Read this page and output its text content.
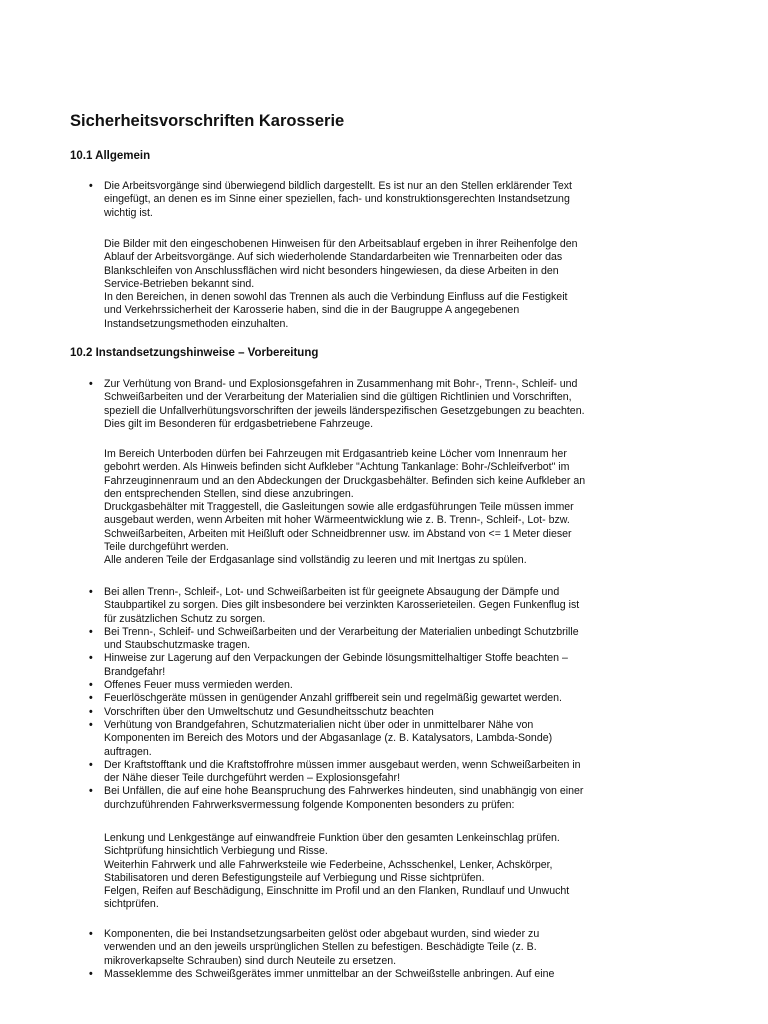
Sicherheitsvorschriften Karosserie
10.1 Allgemein
• Die Arbeitsvorgänge sind überwiegend bildlich dargestellt. Es ist nur an den Stellen erklärender Text
eingefügt, an denen es im Sinne einer speziellen, fach- und konstruktionsgerechten Instandsetzung
wichtig ist.
Die Bilder mit den eingeschobenen Hinweisen für den Arbeitsablauf ergeben in ihrer Reihenfolge den
Ablauf der Arbeitsvorgänge. Auf sich wiederholende Standardarbeiten wie Trennarbeiten oder das
Blankschleifen von Anschlussflächen wird nicht besonders hingewiesen, da diese Arbeiten in den
Service-Betrieben bekannt sind.
In den Bereichen, in denen sowohl das Trennen als auch die Verbindung Einfluss auf die Festigkeit
und Verkehrssicherheit der Karosserie haben, sind die in der Baugruppe A angegebenen
Instandsetzungsmethoden einzuhalten.
10.2 Instandsetzungshinweise – Vorbereitung
• Zur Verhütung von Brand- und Explosionsgefahren in Zusammenhang mit Bohr-, Trenn-, Schleif- und
Schweißarbeiten und der Verarbeitung der Materialien sind die gültigen Richtlinien und Vorschriften,
speziell die Unfallverhütungsvorschriften der jeweils länderspezifischen Gesetzgebungen zu beachten.
Dies gilt im Besonderen für erdgasbetriebene Fahrzeuge.
Im Bereich Unterboden dürfen bei Fahrzeugen mit Erdgasantrieb keine Löcher vom Innenraum her
gebohrt werden. Als Hinweis befinden sicht Aufkleber "Achtung Tankanlage: Bohr-/Schleifverbot" im
Fahrzeuginnenraum und an den Abdeckungen der Druckgasbehälter. Befinden sich keine Aufkleber an
den entsprechenden Stellen, sind diese anzubringen.
Druckgasbehälter mit Traggestell, die Gasleitungen sowie alle erdgasführungen Teile müssen immer
ausgebaut werden, wenn Arbeiten mit hoher Wärmeentwicklung wie z. B. Trenn-, Schleif-, Lot- bzw.
Schweißarbeiten, Arbeiten mit Heißluft oder Schneidbrenner usw. im Abstand von <= 1 Meter dieser
Teile durchgeführt werden.
Alle anderen Teile der Erdgasanlage sind vollständig zu leeren und mit Inertgas zu spülen.
• Bei allen Trenn-, Schleif-, Lot- und Schweißarbeiten ist für geeignete Absaugung der Dämpfe und
Staubpartikel zu sorgen. Dies gilt insbesondere bei verzinkten Karosserieteilen. Gegen Funkenflug ist
für zusätzlichen Schutz zu sorgen.
• Bei Trenn-, Schleif- und Schweißarbeiten und der Verarbeitung der Materialien unbedingt Schutzbrille
und Staubschutzmaske tragen.
• Hinweise zur Lagerung auf den Verpackungen der Gebinde lösungsmittelhaltiger Stoffe beachten –
Brandgefahr!
• Offenes Feuer muss vermieden werden.
• Feuerlöschgeräte müssen in genügender Anzahl griffbereit sein und regelmäßig gewartet werden.
• Vorschriften über den Umweltschutz und Gesundheitsschutz beachten
• Verhütung von Brandgefahren, Schutzmaterialien nicht über oder in unmittelbarer Nähe von
Komponenten im Bereich des Motors und der Abgasanlage (z. B. Katalysators, Lambda-Sonde)
auftragen.
• Der Kraftstofftank und die Kraftstoffrohre müssen immer ausgebaut werden, wenn Schweißarbeiten in
der Nähe dieser Teile durchgeführt werden – Explosionsgefahr!
• Bei Unfällen, die auf eine hohe Beanspruchung des Fahrwerkes hindeuten, sind unabhängig von einer
durchzuführenden Fahrwerksvermessung folgende Komponenten besonders zu prüfen:
Lenkung und Lenkgestänge auf einwandfreie Funktion über den gesamten Lenkeinschlag prüfen.
Sichtprüfung hinsichtlich Verbiegung und Risse.
Weiterhin Fahrwerk und alle Fahrwerksteile wie Federbeine, Achsschenkel, Lenker, Achskörper,
Stabilisatoren und deren Befestigungsteile auf Verbiegung und Risse sichtprüfen.
Felgen, Reifen auf Beschädigung, Einschnitte im Profil und an den Flanken, Rundlauf und Unwucht
sichtprüfen.
• Komponenten, die bei Instandsetzungsarbeiten gelöst oder abgebaut wurden, sind wieder zu
verwenden und an den jeweils ursprünglichen Stellen zu befestigen. Beschädigte Teile (z. B.
mikroverkapselte Schrauben) sind durch Neuteile zu ersetzen.
• Masseklemme des Schweißgerätes immer unmittelbar an der Schweißstelle anbringen. Auf eine
